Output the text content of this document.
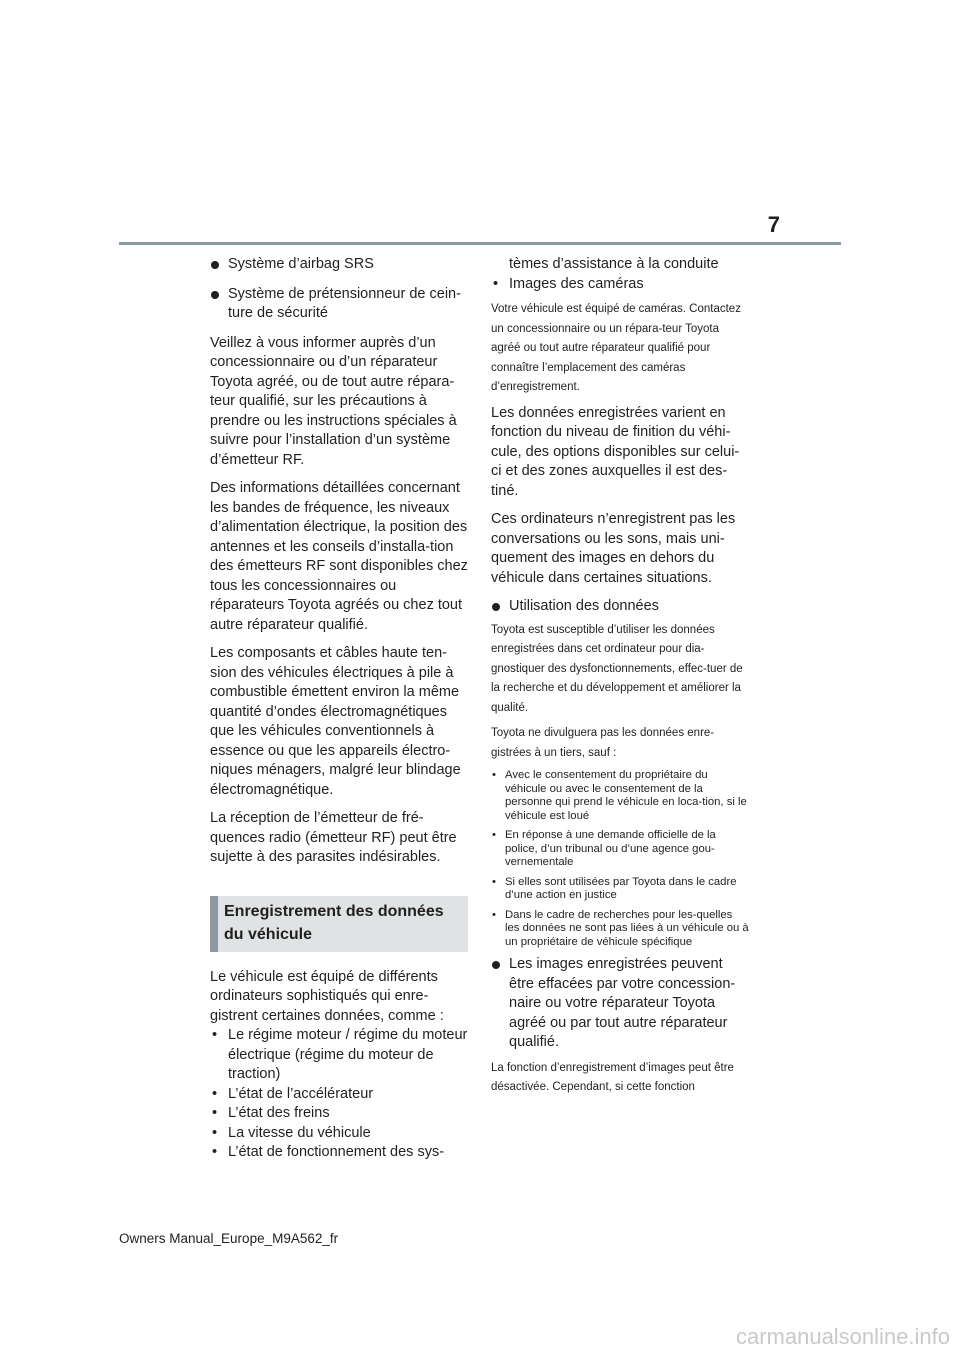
7

Système d’airbag SRS

Système de prétensionneur de cein-ture de sécurité

Veillez à vous informer auprès d’un concessionnaire ou d’un réparateur Toyota agréé, ou de tout autre répara-teur qualifié, sur les précautions à prendre ou les instructions spéciales à suivre pour l’installation d’un système d’émetteur RF.

Des informations détaillées concernant les bandes de fréquence, les niveaux d’alimentation électrique, la position des antennes et les conseils d’installa-tion des émetteurs RF sont disponibles chez tous les concessionnaires ou réparateurs Toyota agréés ou chez tout autre réparateur qualifié.

Les composants et câbles haute ten-sion des véhicules électriques à pile à combustible émettent environ la même quantité d’ondes électromagnétiques que les véhicules conventionnels à essence ou que les appareils électro-niques ménagers, malgré leur blindage électromagnétique.

La réception de l’émetteur de fré-quences radio (émetteur RF) peut être sujette à des parasites indésirables.

Enregistrement des données du véhicule

Le véhicule est équipé de différents ordinateurs sophistiqués qui enre-gistrent certaines données, comme :

• Le régime moteur / régime du moteur électrique (régime du moteur de traction)
• L’état de l’accélérateur
• L’état des freins
• La vitesse du véhicule
• L’état de fonctionnement des sys-
tèmes d’assistance à la conduite
• Images des caméras

Votre véhicule est équipé de caméras. Contactez un concessionnaire ou un répara-teur Toyota agréé ou tout autre réparateur qualifié pour connaître l’emplacement des caméras d’enregistrement.

Les données enregistrées varient en fonction du niveau de finition du véhi-cule, des options disponibles sur celui-ci et des zones auxquelles il est des-tiné.

Ces ordinateurs n’enregistrent pas les conversations ou les sons, mais uni-quement des images en dehors du véhicule dans certaines situations.

Utilisation des données

Toyota est susceptible d’utiliser les données enregistrées dans cet ordinateur pour dia-gnostiquer des dysfonctionnements, effec-tuer de la recherche et du développement et améliorer la qualité.

Toyota ne divulguera pas les données enre-gistrées à un tiers, sauf :

• Avec le consentement du propriétaire du véhicule ou avec le consentement de la personne qui prend le véhicule en loca-tion, si le véhicule est loué
• En réponse à une demande officielle de la police, d’un tribunal ou d’une agence gou-vernementale
• Si elles sont utilisées par Toyota dans le cadre d’une action en justice
• Dans le cadre de recherches pour les-quelles les données ne sont pas liées à un véhicule ou à un propriétaire de véhicule spécifique

Les images enregistrées peuvent être effacées par votre concession-naire ou votre réparateur Toyota agréé ou par tout autre réparateur qualifié.

La fonction d’enregistrement d’images peut être désactivée. Cependant, si cette fonction

Owners Manual_Europe_M9A562_fr
carmanualsonline.info
